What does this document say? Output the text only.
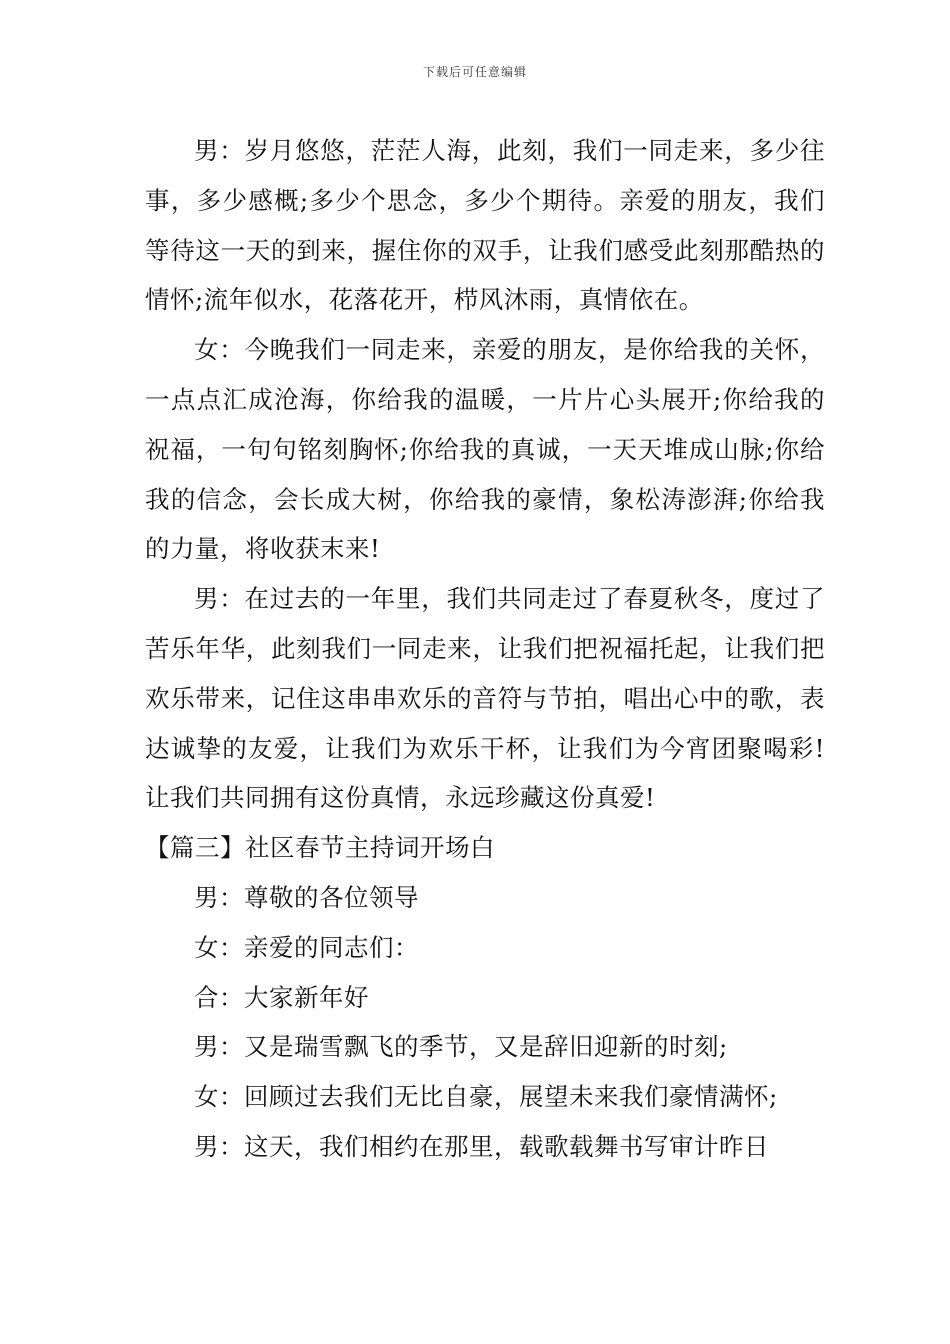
下载后可任意编辑

男：岁月悠悠，茫茫人海，此刻，我们一同走来，多少往事，多少感概;多少个思念，多少个期待。亲爱的朋友，我们等待这一天的到来，握住你的双手，让我们感受此刻那酷热的情怀;流年似水，花落花开，栉风沐雨，真情依在。

女：今晚我们一同走来，亲爱的朋友，是你给我的关怀，一点点汇成沧海，你给我的温暖，一片片心头展开;你给我的祝福，一句句铭刻胸怀;你给我的真诚，一天天堆成山脉;你给我的信念，会长成大树，你给我的豪情，象松涛澎湃;你给我的力量，将收获末来!

男：在过去的一年里，我们共同走过了春夏秋冬，度过了苦乐年华，此刻我们一同走来，让我们把祝福托起，让我们把欢乐带来，记住这串串欢乐的音符与节拍，唱出心中的歌，表达诚挚的友爱，让我们为欢乐干杯，让我们为今宵团聚喝彩!让我们共同拥有这份真情，永远珍藏这份真爱!

【篇三】社区春节主持词开场白

男：尊敬的各位领导

女：亲爱的同志们：

合：大家新年好

男：又是瑞雪飘飞的季节，又是辞旧迎新的时刻;

女：回顾过去我们无比自豪，展望未来我们豪情满怀;

男：这天，我们相约在那里，载歌载舞书写审计昨日
